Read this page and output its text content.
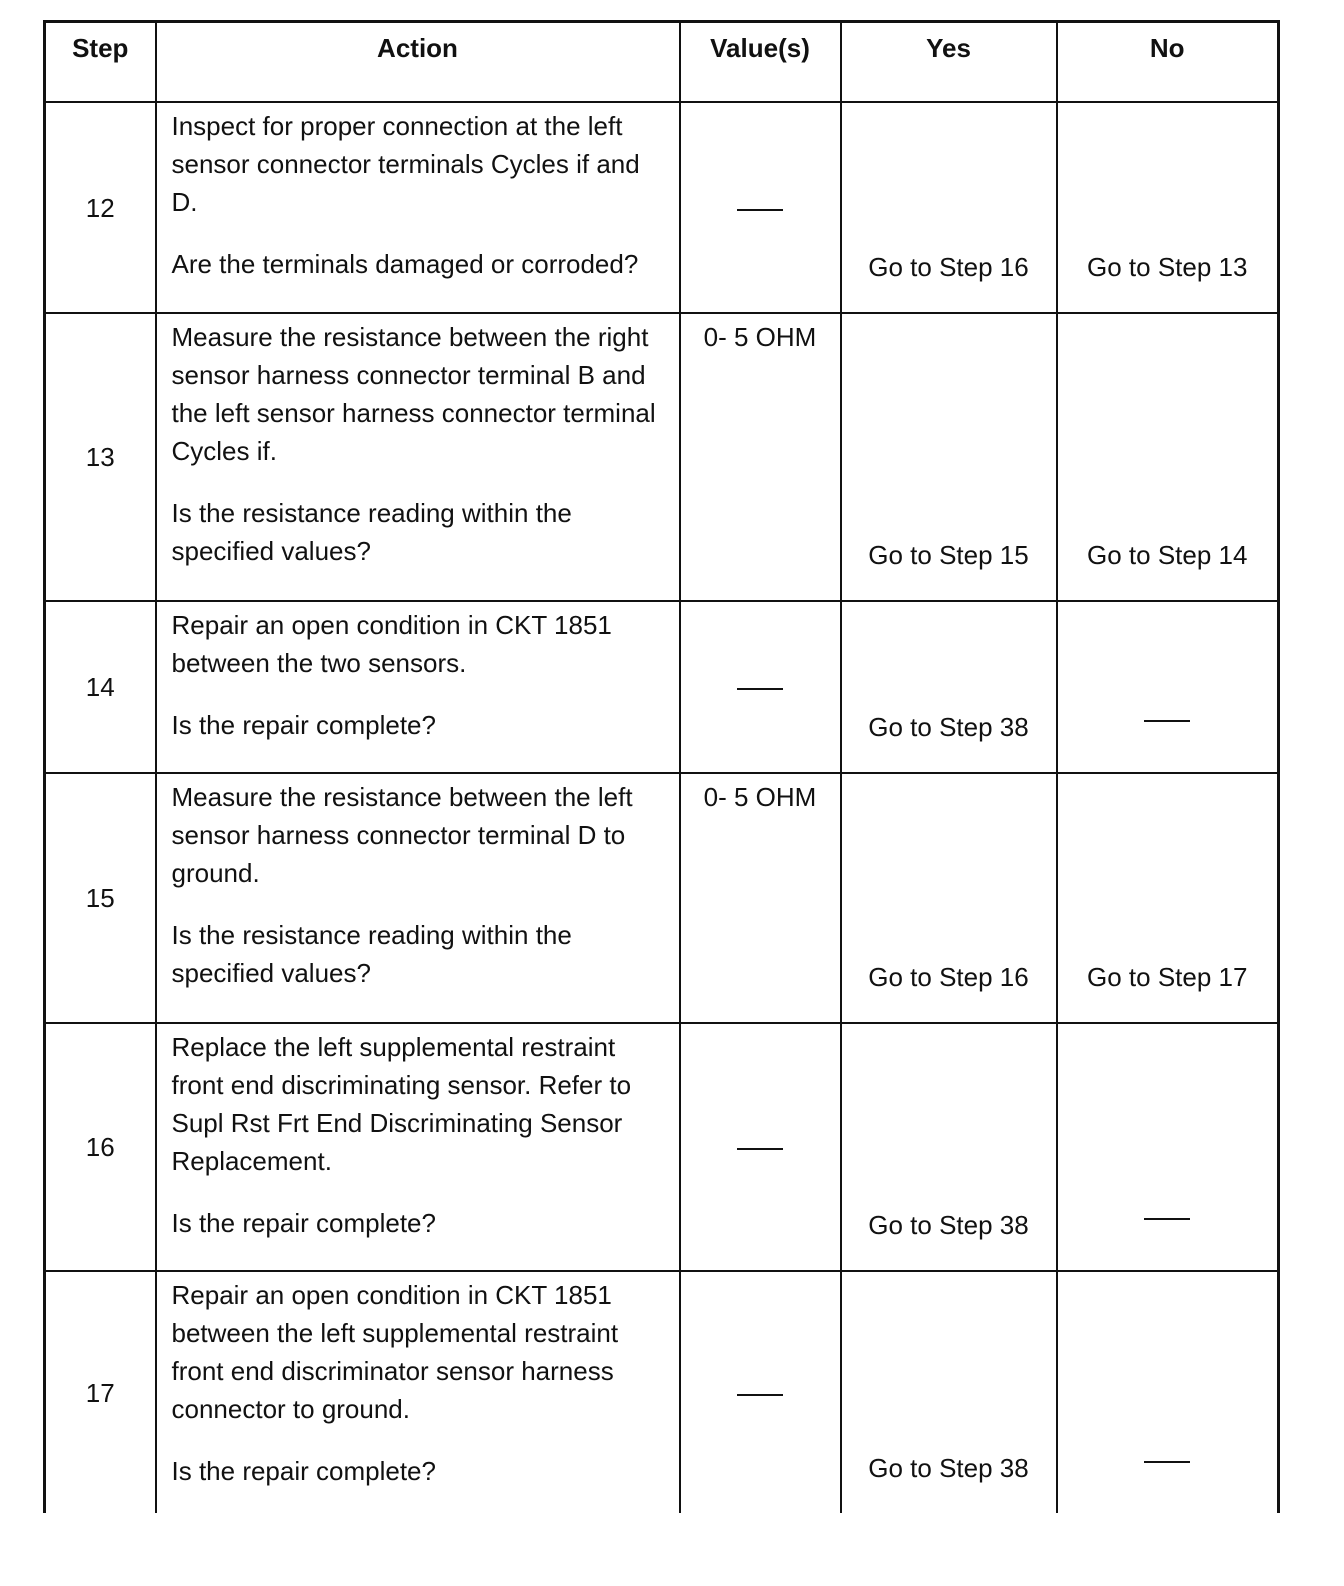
Step	Action	Value(s)	Yes	No
12	Inspect for proper connection at the left sensor connector terminals Cycles if and D.

Are the terminals damaged or corroded?		Go to Step 16	Go to Step 13
13	Measure the resistance between the right sensor harness connector terminal B and the left sensor harness connector terminal Cycles if.

Is the resistance reading within the specified values?	0- 5 OHM	Go to Step 15	Go to Step 14
14	Repair an open condition in CKT 1851 between the two sensors.

Is the repair complete?		Go to Step 38	
15	Measure the resistance between the left sensor harness connector terminal D to ground.

Is the resistance reading within the specified values?	0- 5 OHM	Go to Step 16	Go to Step 17
16	Replace the left supplemental restraint front end discriminating sensor. Refer to Supl Rst Frt End Discriminating Sensor Replacement.

Is the repair complete?		Go to Step 38	
17	Repair an open condition in CKT 1851 between the left supplemental restraint front end discriminator sensor harness connector to ground.

Is the repair complete?		Go to Step 38	
